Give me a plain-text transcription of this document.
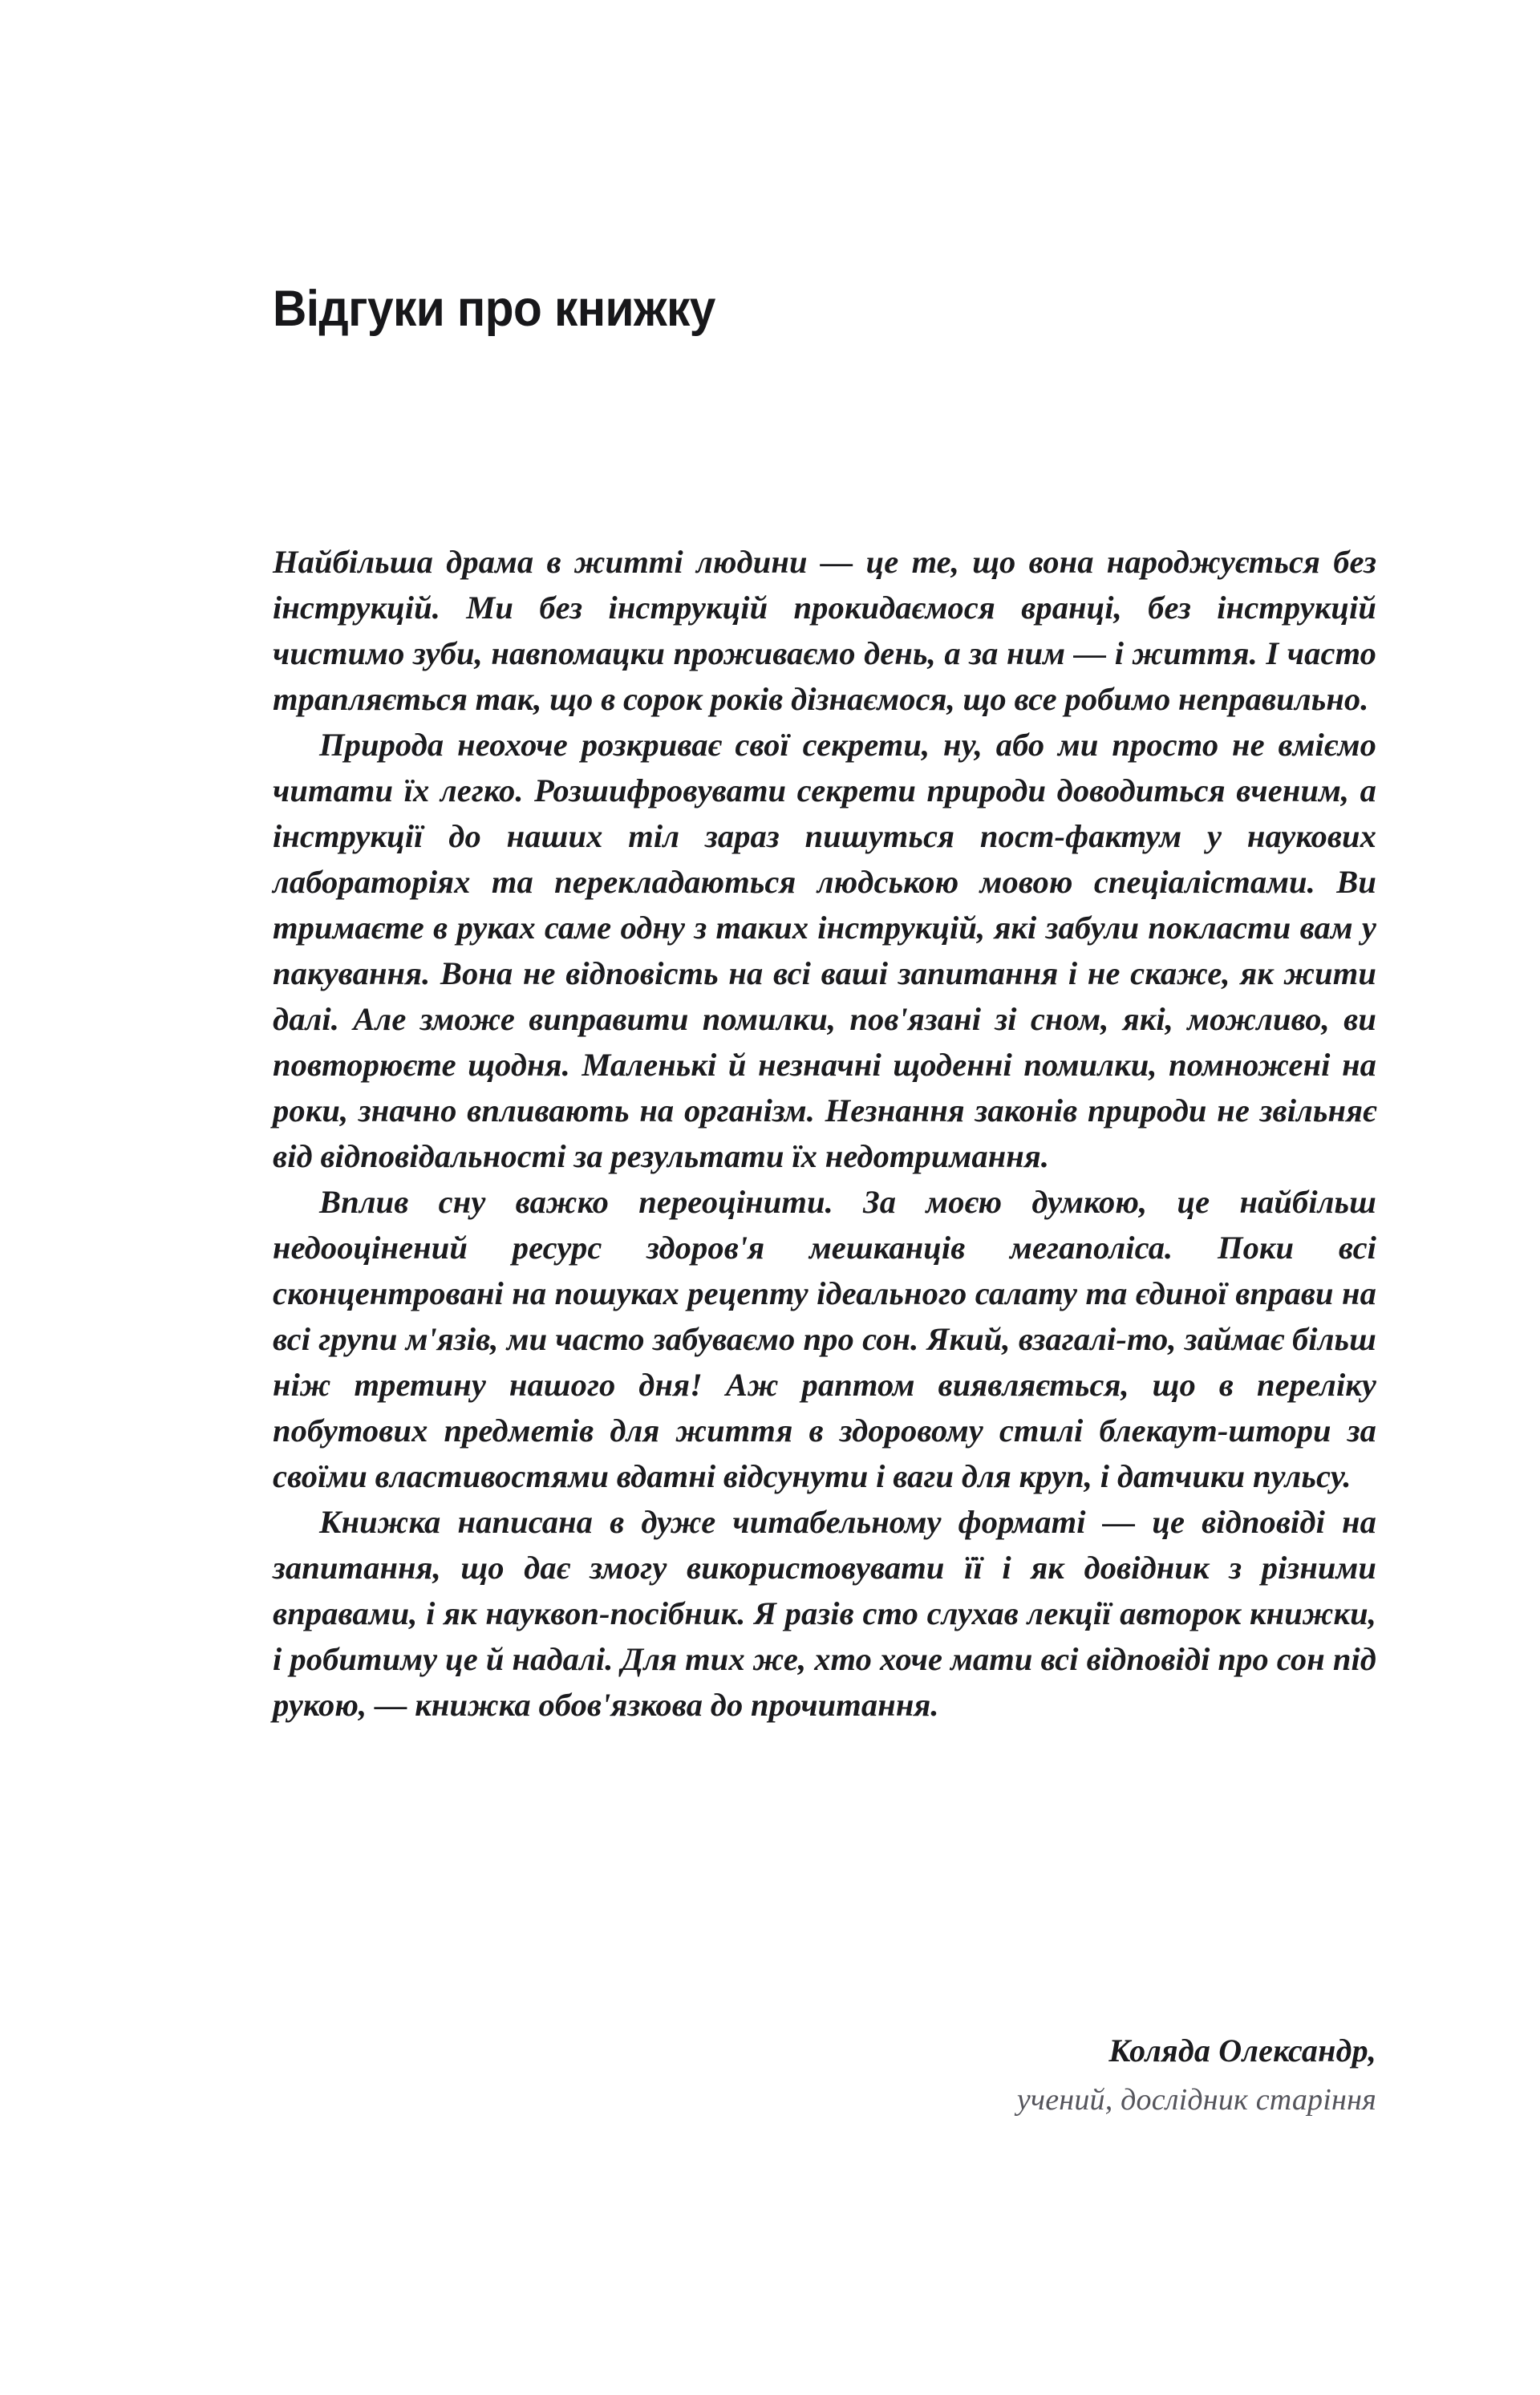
Відгуки про книжку

Найбільша драма в житті людини — це те, що вона народжується без інструкцій. Ми без інструкцій прокидаємося вранці, без інструкцій чистимо зуби, навпомацки проживаємо день, а за ним — і життя. І часто трапляється так, що в сорок років дізнаємося, що все робимо неправильно.

Природа неохоче розкриває свої секрети, ну, або ми просто не вміємо читати їх легко. Розшифровувати секрети природи доводиться вченим, а інструкції до наших тіл зараз пишуться пост-фактум у наукових лабораторіях та перекладаються людською мовою спеціалістами. Ви тримаєте в руках саме одну з таких інструкцій, які забули покласти вам у пакування. Вона не відповість на всі ваші запитання і не скаже, як жити далі. Але зможе виправити помилки, пов'язані зі сном, які, можливо, ви повторюєте щодня. Маленькі й незначні щоденні помилки, помножені на роки, значно впливають на організм. Незнання законів природи не звільняє від відповідальності за результати їх недотримання.

Вплив сну важко переоцінити. За моєю думкою, це найбільш недооцінений ресурс здоров'я мешканців мегаполіса. Поки всі сконцентровані на пошуках рецепту ідеального салату та єдиної вправи на всі групи м'язів, ми часто забуваємо про сон. Який, взагалі-то, займає більш ніж третину нашого дня! Аж раптом виявляється, що в переліку побутових предметів для життя в здоровому стилі блекаут-штори за своїми властивостями вдатні відсунути і ваги для круп, і датчики пульсу.

Книжка написана в дуже читабельному форматі — це відповіді на запитання, що дає змогу використовувати її і як довідник з різними вправами, і як науквоп-посібник. Я разів сто слухав лекції авторок книжки, і робитиму це й надалі. Для тих же, хто хоче мати всі відповіді про сон під рукою, — книжка обов'язкова до прочитання.

Коляда Олександр,
учений, дослідник старіння
